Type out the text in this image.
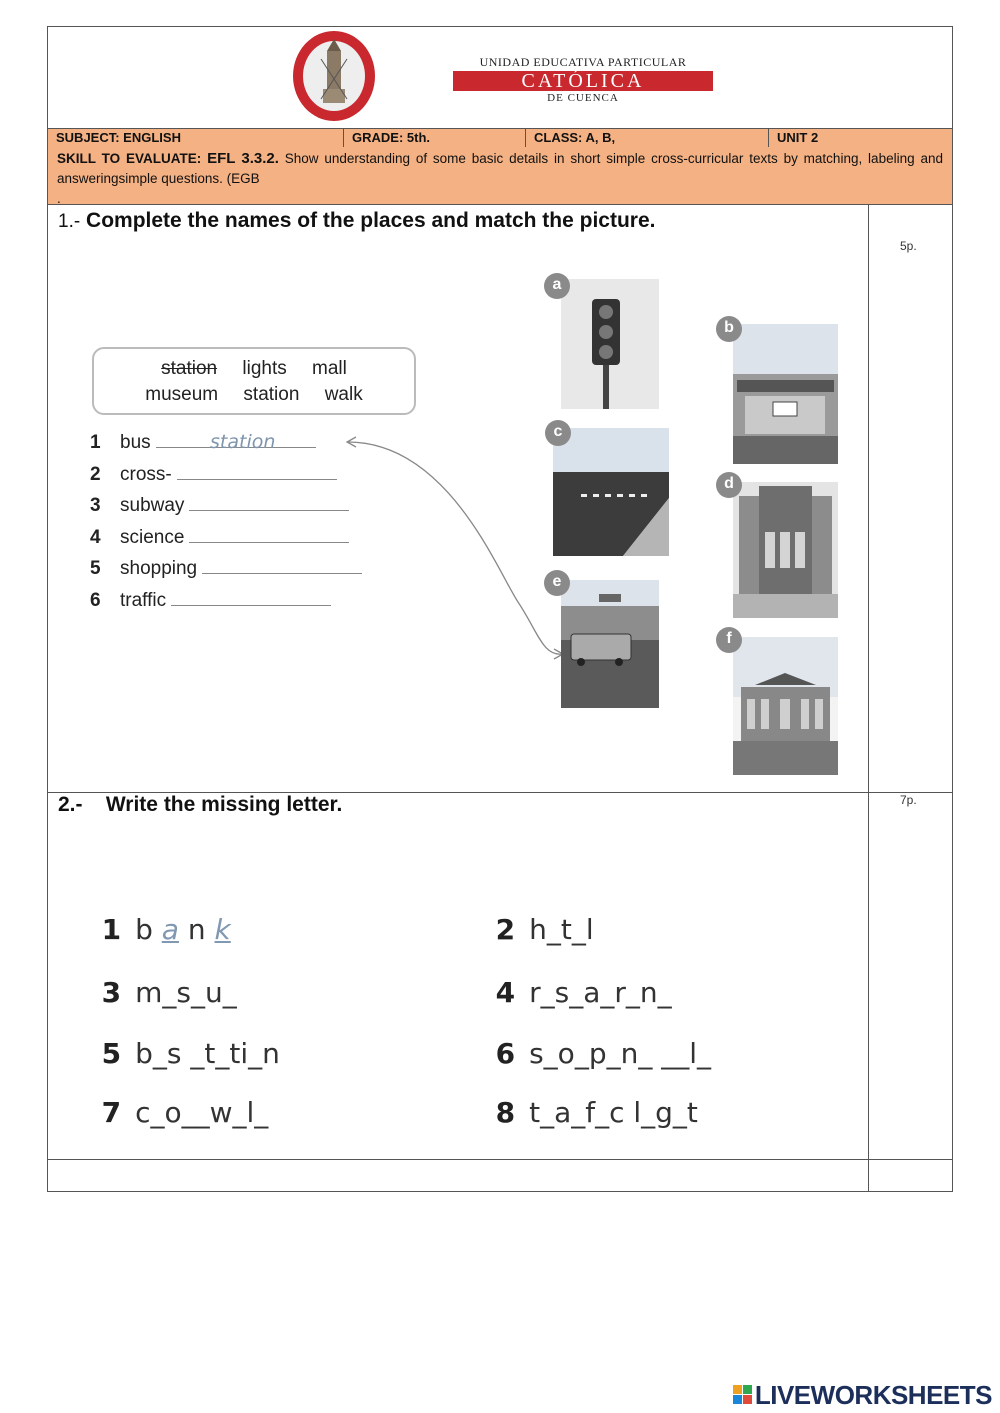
UNIDAD EDUCATIVA PARTICULAR
CATÓLICA
DE CUENCA
SUBJECT: ENGLISH	GRADE: 5th.	CLASS: A, B,	UNIT 2
SKILL TO EVALUATE: EFL 3.3.2. Show understanding of some basic details in short simple cross-curricular texts by matching, labeling and answeringsimple questions. (EGB
.
1.- Complete the names of the places and match the picture.
5p.
station lights mall
museum station walk
1 bus	station
2 cross-
3 subway
4 science
5 shopping
6 traffic
a
b
c
d
e
f
2.- Write the missing letter.	7p.

1 b a n k
	2 h_t_l

3 m_s_u_
	4 r_s_a_r_n_

5 b_s _t_ti_n
	6 s_o_p_n_ __l_

7 c_o__w_l_
	8 t_a_f_c l_g_t

LIVEWORKSHEETS
